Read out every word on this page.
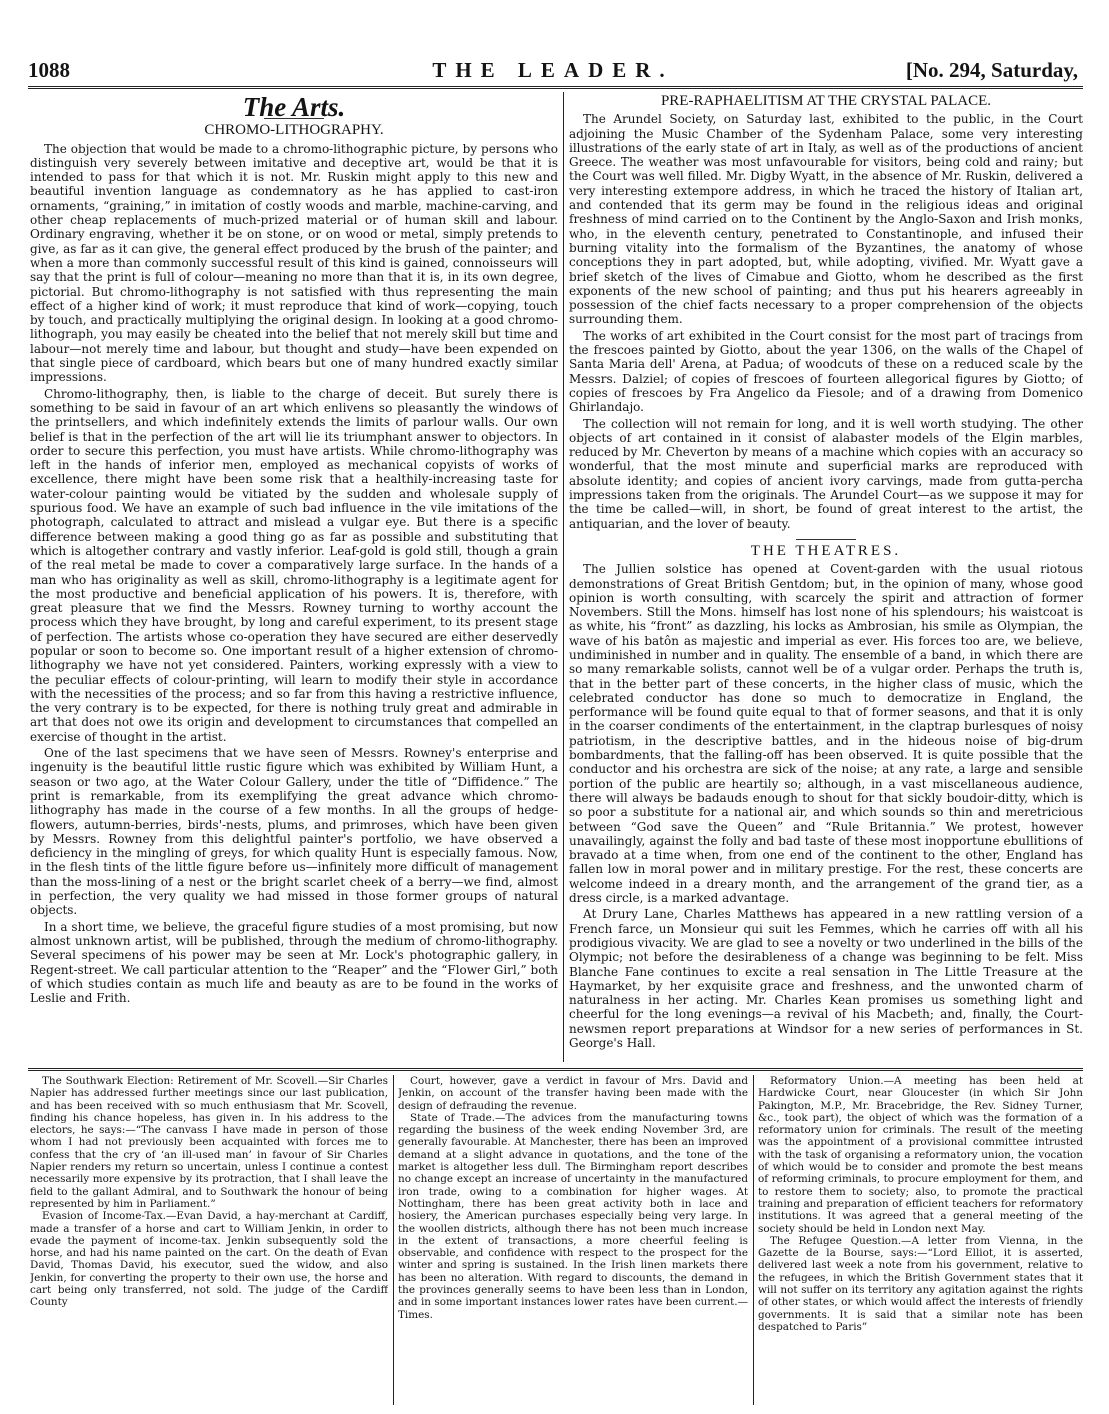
1088	THE LEADER.	[No. 294, Saturday,
The Arts.
CHROMO-LITHOGRAPHY.

The objection that would be made to a chromo-lithographic picture, by persons who distinguish very severely between imitative and deceptive art, would be that it is intended to pass for that which it is not. Mr. Ruskin might apply to this new and beautiful invention language as condemnatory as he has applied to cast-iron ornaments, “graining,” in imitation of costly woods and marble, machine-carving, and other cheap replacements of much-prized material or of human skill and labour. Ordinary engraving, whether it be on stone, or on wood or metal, simply pretends to give, as far as it can give, the general effect produced by the brush of the painter; and when a more than commonly successful result of this kind is gained, connoisseurs will say that the print is full of colour—meaning no more than that it is, in its own degree, pictorial. But chromo-lithography is not satisfied with thus representing the main effect of a higher kind of work; it must reproduce that kind of work—copying, touch by touch, and practically multiplying the original design. In looking at a good chromo-lithograph, you may easily be cheated into the belief that not merely skill but time and labour—not merely time and labour, but thought and study—have been expended on that single piece of cardboard, which bears but one of many hundred exactly similar impressions.

Chromo-lithography, then, is liable to the charge of deceit. But surely there is something to be said in favour of an art which enlivens so pleasantly the windows of the printsellers, and which indefinitely extends the limits of parlour walls. Our own belief is that in the perfection of the art will lie its triumphant answer to objectors. In order to secure this perfection, you must have artists. While chromo-lithography was left in the hands of inferior men, employed as mechanical copyists of works of excellence, there might have been some risk that a healthily-increasing taste for water-colour painting would be vitiated by the sudden and wholesale supply of spurious food. We have an example of such bad influence in the vile imitations of the photograph, calculated to attract and mislead a vulgar eye. But there is a specific difference between making a good thing go as far as possible and substituting that which is altogether contrary and vastly inferior. Leaf-gold is gold still, though a grain of the real metal be made to cover a comparatively large surface. In the hands of a man who has originality as well as skill, chromo-lithography is a legitimate agent for the most productive and beneficial application of his powers. It is, therefore, with great pleasure that we find the Messrs. Rowney turning to worthy account the process which they have brought, by long and careful experiment, to its present stage of perfection. The artists whose co-operation they have secured are either deservedly popular or soon to become so. One important result of a higher extension of chromo-lithography we have not yet considered. Painters, working expressly with a view to the peculiar effects of colour-printing, will learn to modify their style in accordance with the necessities of the process; and so far from this having a restrictive influence, the very contrary is to be expected, for there is nothing truly great and admirable in art that does not owe its origin and development to circumstances that compelled an exercise of thought in the artist.

One of the last specimens that we have seen of Messrs. Rowney's enterprise and ingenuity is the beautiful little rustic figure which was exhibited by William Hunt, a season or two ago, at the Water Colour Gallery, under the title of “Diffidence.” The print is remarkable, from its exemplifying the great advance which chromo-lithography has made in the course of a few months. In all the groups of hedge-flowers, autumn-berries, birds'-nests, plums, and primroses, which have been given by Messrs. Rowney from this delightful painter's portfolio, we have observed a deficiency in the mingling of greys, for which quality Hunt is especially famous. Now, in the flesh tints of the little figure before us—infinitely more difficult of management than the moss-lining of a nest or the bright scarlet cheek of a berry—we find, almost in perfection, the very quality we had missed in those former groups of natural objects.

In a short time, we believe, the graceful figure studies of a most promising, but now almost unknown artist, will be published, through the medium of chromo-lithography. Several specimens of his power may be seen at Mr. Lock's photographic gallery, in Regent-street. We call particular attention to the “Reaper” and the “Flower Girl,” both of which studies contain as much life and beauty as are to be found in the works of Leslie and Frith.

PRE-RAPHAELITISM AT THE CRYSTAL PALACE.

The Arundel Society, on Saturday last, exhibited to the public, in the Court adjoining the Music Chamber of the Sydenham Palace, some very interesting illustrations of the early state of art in Italy, as well as of the productions of ancient Greece. The weather was most unfavourable for visitors, being cold and rainy; but the Court was well filled. Mr. Digby Wyatt, in the absence of Mr. Ruskin, delivered a very interesting extempore address, in which he traced the history of Italian art, and contended that its germ may be found in the religious ideas and original freshness of mind carried on to the Continent by the Anglo-Saxon and Irish monks, who, in the eleventh century, penetrated to Constantinople, and infused their burning vitality into the formalism of the Byzantines, the anatomy of whose conceptions they in part adopted, but, while adopting, vivified. Mr. Wyatt gave a brief sketch of the lives of Cimabue and Giotto, whom he described as the first exponents of the new school of painting; and thus put his hearers agreeably in possession of the chief facts necessary to a proper comprehension of the objects surrounding them.

The works of art exhibited in the Court consist for the most part of tracings from the frescoes painted by Giotto, about the year 1306, on the walls of the Chapel of Santa Maria dell' Arena, at Padua; of woodcuts of these on a reduced scale by the Messrs. Dalziel; of copies of frescoes of fourteen allegorical figures by Giotto; of copies of frescoes by Fra Angelico da Fiesole; and of a drawing from Domenico Ghirlandajo.

The collection will not remain for long, and it is well worth studying. The other objects of art contained in it consist of alabaster models of the Elgin marbles, reduced by Mr. Cheverton by means of a machine which copies with an accuracy so wonderful, that the most minute and superficial marks are reproduced with absolute identity; and copies of ancient ivory carvings, made from gutta-percha impressions taken from the originals. The Arundel Court—as we suppose it may for the time be called—will, in short, be found of great interest to the artist, the antiquarian, and the lover of beauty.

THE THEATRES.

The Jullien solstice has opened at Covent-garden with the usual riotous demonstrations of Great British Gentdom; but, in the opinion of many, whose good opinion is worth consulting, with scarcely the spirit and attraction of former Novembers. Still the Mons. himself has lost none of his splendours; his waistcoat is as white, his “front” as dazzling, his locks as Ambrosian, his smile as Olympian, the wave of his batôn as majestic and imperial as ever. His forces too are, we believe, undiminished in number and in quality. The ensemble of a band, in which there are so many remarkable solists, cannot well be of a vulgar order. Perhaps the truth is, that in the better part of these concerts, in the higher class of music, which the celebrated conductor has done so much to democratize in England, the performance will be found quite equal to that of former seasons, and that it is only in the coarser condiments of the entertainment, in the claptrap burlesques of noisy patriotism, in the descriptive battles, and in the hideous noise of big-drum bombardments, that the falling-off has been observed. It is quite possible that the conductor and his orchestra are sick of the noise; at any rate, a large and sensible portion of the public are heartily so; although, in a vast miscellaneous audience, there will always be badauds enough to shout for that sickly boudoir-ditty, which is so poor a substitute for a national air, and which sounds so thin and meretricious between “God save the Queen” and “Rule Britannia.” We protest, however unavailingly, against the folly and bad taste of these most inopportune ebullitions of bravado at a time when, from one end of the continent to the other, England has fallen low in moral power and in military prestige. For the rest, these concerts are welcome indeed in a dreary month, and the arrangement of the grand tier, as a dress circle, is a marked advantage.

At Drury Lane, Charles Matthews has appeared in a new rattling version of a French farce, un Monsieur qui suit les Femmes, which he carries off with all his prodigious vivacity. We are glad to see a novelty or two underlined in the bills of the Olympic; not before the desirableness of a change was beginning to be felt. Miss Blanche Fane continues to excite a real sensation in The Little Treasure at the Haymarket, by her exquisite grace and freshness, and the unwonted charm of naturalness in her acting. Mr. Charles Kean promises us something light and cheerful for the long evenings—a revival of his Macbeth; and, finally, the Court-newsmen report preparations at Windsor for a new series of performances in St. George's Hall.

The Southwark Election: Retirement of Mr. Scovell.—Sir Charles Napier has addressed further meetings since our last publication, and has been received with so much enthusiasm that Mr. Scovell, finding his chance hopeless, has given in. In his address to the electors, he says:—“The canvass I have made in person of those whom I had not previously been acquainted with forces me to confess that the cry of ‘an ill-used man’ in favour of Sir Charles Napier renders my return so uncertain, unless I continue a contest necessarily more expensive by its protraction, that I shall leave the field to the gallant Admiral, and to Southwark the honour of being represented by him in Parliament.”

Evasion of Income-Tax.—Evan David, a hay-merchant at Cardiff, made a transfer of a horse and cart to William Jenkin, in order to evade the payment of income-tax. Jenkin subsequently sold the horse, and had his name painted on the cart. On the death of Evan David, Thomas David, his executor, sued the widow, and also Jenkin, for converting the property to their own use, the horse and cart being only transferred, not sold. The judge of the Cardiff County

Court, however, gave a verdict in favour of Mrs. David and Jenkin, on account of the transfer having been made with the design of defrauding the revenue.

State of Trade.—The advices from the manufacturing towns regarding the business of the week ending November 3rd, are generally favourable. At Manchester, there has been an improved demand at a slight advance in quotations, and the tone of the market is altogether less dull. The Birmingham report describes no change except an increase of uncertainty in the manufactured iron trade, owing to a combination for higher wages. At Nottingham, there has been great activity both in lace and hosiery, the American purchases especially being very large. In the woollen districts, although there has not been much increase in the extent of transactions, a more cheerful feeling is observable, and confidence with respect to the prospect for the winter and spring is sustained. In the Irish linen markets there has been no alteration. With regard to discounts, the demand in the provinces generally seems to have been less than in London, and in some important instances lower rates have been current.—Times.

Reformatory Union.—A meeting has been held at Hardwicke Court, near Gloucester (in which Sir John Pakington, M.P., Mr. Bracebridge, the Rev. Sidney Turner, &c., took part), the object of which was the formation of a reformatory union for criminals. The result of the meeting was the appointment of a provisional committee intrusted with the task of organising a reformatory union, the vocation of which would be to consider and promote the best means of reforming criminals, to procure employment for them, and to restore them to society; also, to promote the practical training and preparation of efficient teachers for reformatory institutions. It was agreed that a general meeting of the society should be held in London next May.

The Refugee Question.—A letter from Vienna, in the Gazette de la Bourse, says:—“Lord Elliot, it is asserted, delivered last week a note from his government, relative to the refugees, in which the British Government states that it will not suffer on its territory any agitation against the rights of other states, or which would affect the interests of friendly governments. It is said that a similar note has been despatched to Paris”
